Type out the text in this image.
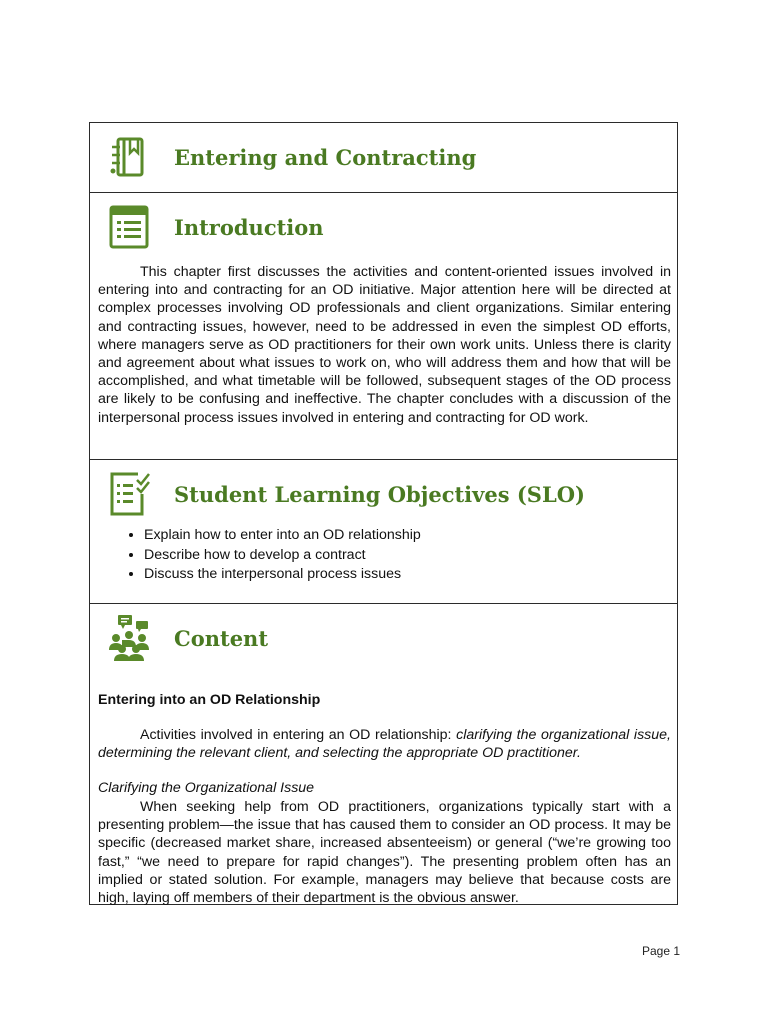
Entering and Contracting
Introduction

This chapter first discusses the activities and content-oriented issues involved in entering into and contracting for an OD initiative. Major attention here will be directed at complex processes involving OD professionals and client organizations. Similar entering and contracting issues, however, need to be addressed in even the simplest OD efforts, where managers serve as OD practitioners for their own work units. Unless there is clarity and agreement about what issues to work on, who will address them and how that will be accomplished, and what timetable will be followed, subsequent stages of the OD process are likely to be confusing and ineffective. The chapter concludes with a discussion of the interpersonal process issues involved in entering and contracting for OD work.

Student Learning Objectives (SLO)
• Explain how to enter into an OD relationship
• Describe how to develop a contract
• Discuss the interpersonal process issues
Content
Entering into an OD Relationship

Activities involved in entering an OD relationship: clarifying the organizational issue, determining the relevant client, and selecting the appropriate OD practitioner.

Clarifying the Organizational Issue

When seeking help from OD practitioners, organizations typically start with a presenting problem—the issue that has caused them to consider an OD process. It may be specific (decreased market share, increased absenteeism) or general (“we’re growing too fast,” “we need to prepare for rapid changes”). The presenting problem often has an implied or stated solution. For example, managers may believe that because costs are high, laying off members of their department is the obvious answer.

Page 1
